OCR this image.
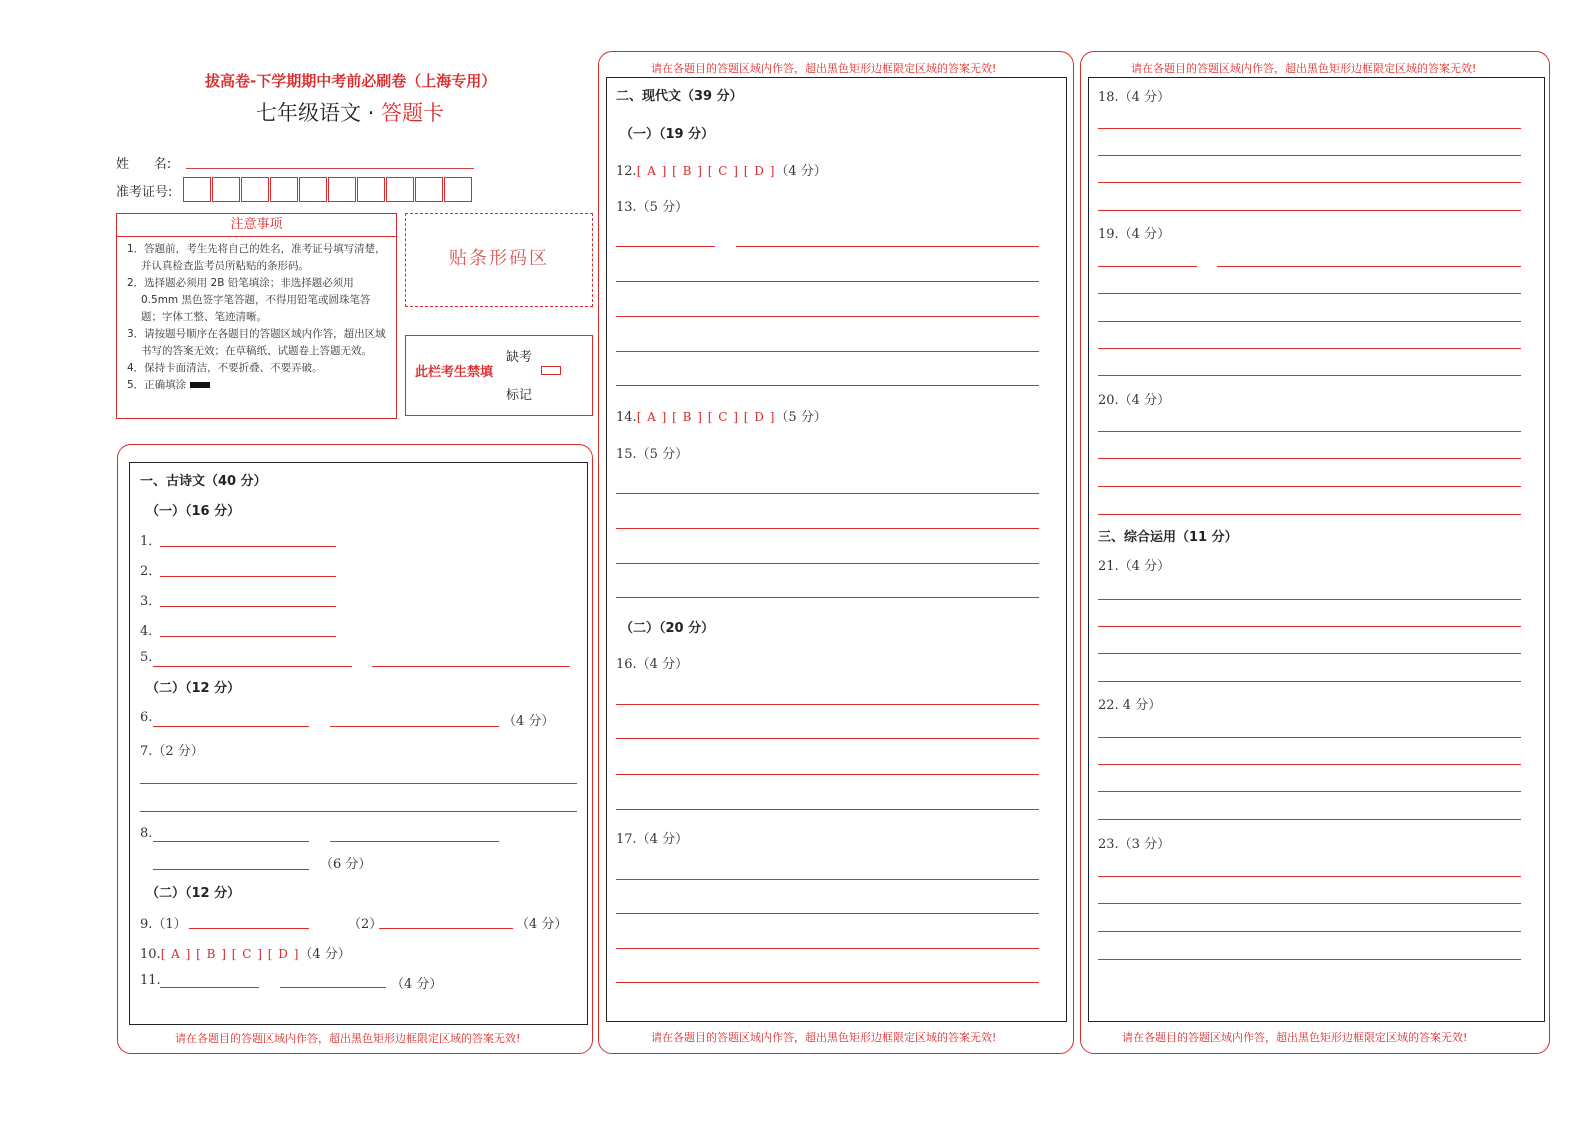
拔高卷-下学期期中考前必刷卷（上海专用）
七年级语文 · 答题卡
姓      名:
准考证号:
注意事项
1．答题前，考生先将自己的姓名，准考证号填写清楚，并认真检查监考员所粘贴的条形码。
2．选择题必须用 2B 铅笔填涂；非选择题必须用0.5mm 黑色签字笔答题，不得用铅笔或圆珠笔答题；字体工整、笔迹清晰。
3．请按题号顺序在各题目的答题区域内作答，超出区域书写的答案无效；在草稿纸、试题卷上答题无效。
4．保持卡面清洁，不要折叠、不要弄破。
5．正确填涂
贴条形码区
此栏考生禁填
缺考
标记
请在各题目的答题区域内作答，超出黑色矩形边框限定区域的答案无效!
一、古诗文（40 分）
（一）（16 分）
1．
2．
3．
4．
5.
（二）（12 分）
6.	（4 分）
7.（2 分）
8.
（6 分）
（二）（12 分）
9.（1）	（2）	（4 分）
10.[ A ] [ B ] [ C ] [ D ]（4 分）
11.	（4 分）
请在各题目的答题区域内作答，超出黑色矩形边框限定区域的答案无效!
请在各题目的答题区域内作答，超出黑色矩形边框限定区域的答案无效!
二、现代文（39 分）
（一）（19 分）
12.[ A ] [ B ] [ C ] [ D ]（4 分）
13.（5 分）
14.[ A ] [ B ] [ C ] [ D ]（5 分）
15.（5 分）
（二）（20 分）
16.（4 分）
17.（4 分）
请在各题目的答题区域内作答，超出黑色矩形边框限定区域的答案无效!
请在各题目的答题区域内作答，超出黑色矩形边框限定区域的答案无效!
18.（4 分）
19.（4 分）
20.（4 分）
三、综合运用（11 分）
21.（4 分）
22. 4 分）
23.（3 分）
